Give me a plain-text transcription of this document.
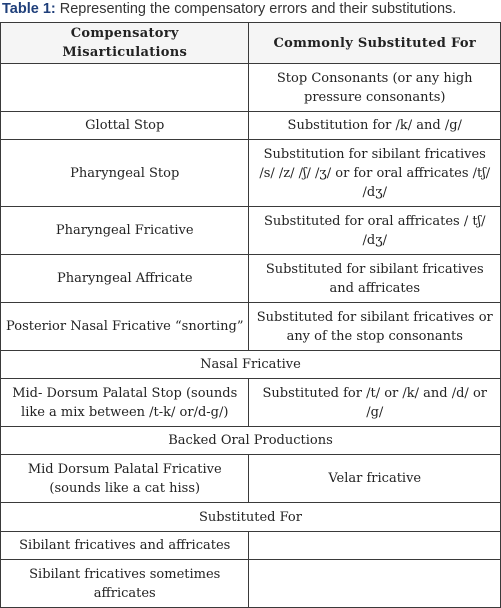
Table 1: Representing the compensatory errors and their substitutions.
Compensatory Misarticulations	Commonly Substituted For
	Stop Consonants (or any high pressure consonants)
Glottal Stop	Substitution for /k/ and /g/
Pharyngeal Stop	Substitution for sibilant fricatives /s/ /z/ /ʃ/ /ʒ/ or for oral affricates /tʃ/ /dʒ/
Pharyngeal Fricative	Substituted for oral affricates / tʃ/ /dʒ/
Pharyngeal Affricate	Substituted for sibilant fricatives and affricates
Posterior Nasal Fricative “snorting”	Substituted for sibilant fricatives or any of the stop consonants
Nasal Fricative	
Mid- Dorsum Palatal Stop (sounds like a mix between /t-k/ or/d-g/)	Substituted for /t/ or /k/ and /d/ or /g/
Backed Oral Productions	
Mid Dorsum Palatal Fricative (sounds like a cat hiss)	Velar fricative
Substituted For	
Sibilant fricatives and affricates	
Sibilant fricatives sometimes affricates	
